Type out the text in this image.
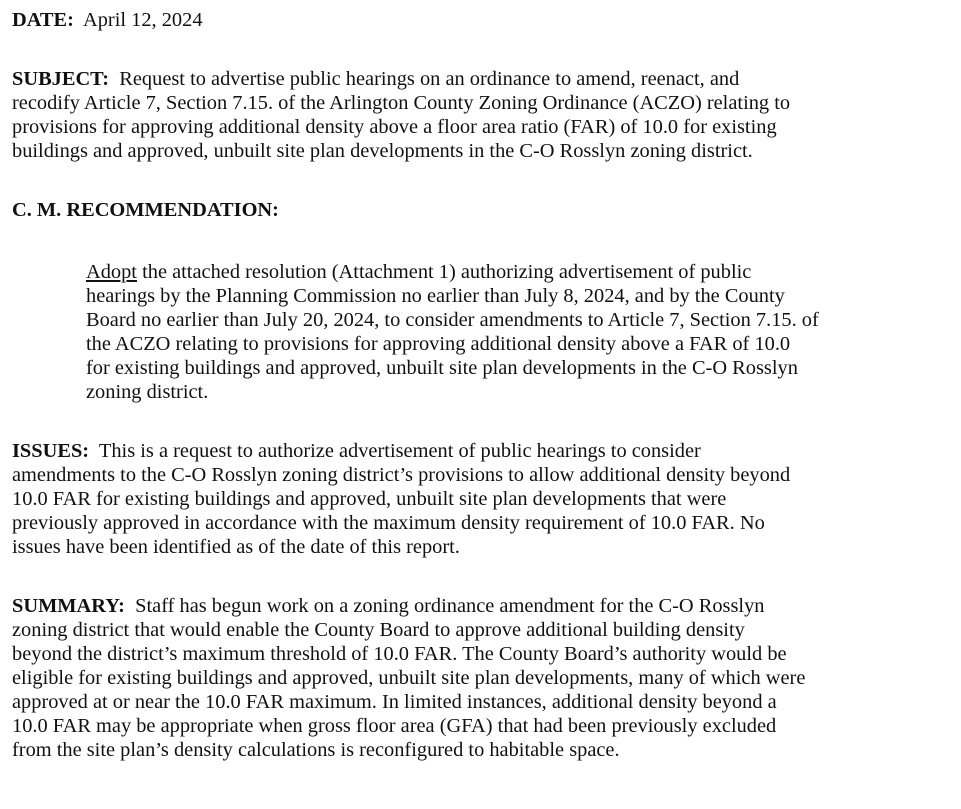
DATE: April 12, 2024

SUBJECT: Request to advertise public hearings on an ordinance to amend, reenact, and
recodify Article 7, Section 7.15. of the Arlington County Zoning Ordinance (ACZO) relating to
provisions for approving additional density above a floor area ratio (FAR) of 10.0 for existing
buildings and approved, unbuilt site plan developments in the C-O Rosslyn zoning district.

C. M. RECOMMENDATION:

Adopt the attached resolution (Attachment 1) authorizing advertisement of public
hearings by the Planning Commission no earlier than July 8, 2024, and by the County
Board no earlier than July 20, 2024, to consider amendments to Article 7, Section 7.15. of
the ACZO relating to provisions for approving additional density above a FAR of 10.0
for existing buildings and approved, unbuilt site plan developments in the C-O Rosslyn
zoning district.
ISSUES: This is a request to authorize advertisement of public hearings to consider
amendments to the C-O Rosslyn zoning district’s provisions to allow additional density beyond
10.0 FAR for existing buildings and approved, unbuilt site plan developments that were
previously approved in accordance with the maximum density requirement of 10.0 FAR. No
issues have been identified as of the date of this report.
SUMMARY: Staff has begun work on a zoning ordinance amendment for the C-O Rosslyn
zoning district that would enable the County Board to approve additional building density
beyond the district’s maximum threshold of 10.0 FAR. The County Board’s authority would be
eligible for existing buildings and approved, unbuilt site plan developments, many of which were
approved at or near the 10.0 FAR maximum. In limited instances, additional density beyond a
10.0 FAR may be appropriate when gross floor area (GFA) that had been previously excluded
from the site plan’s density calculations is reconfigured to habitable space.
